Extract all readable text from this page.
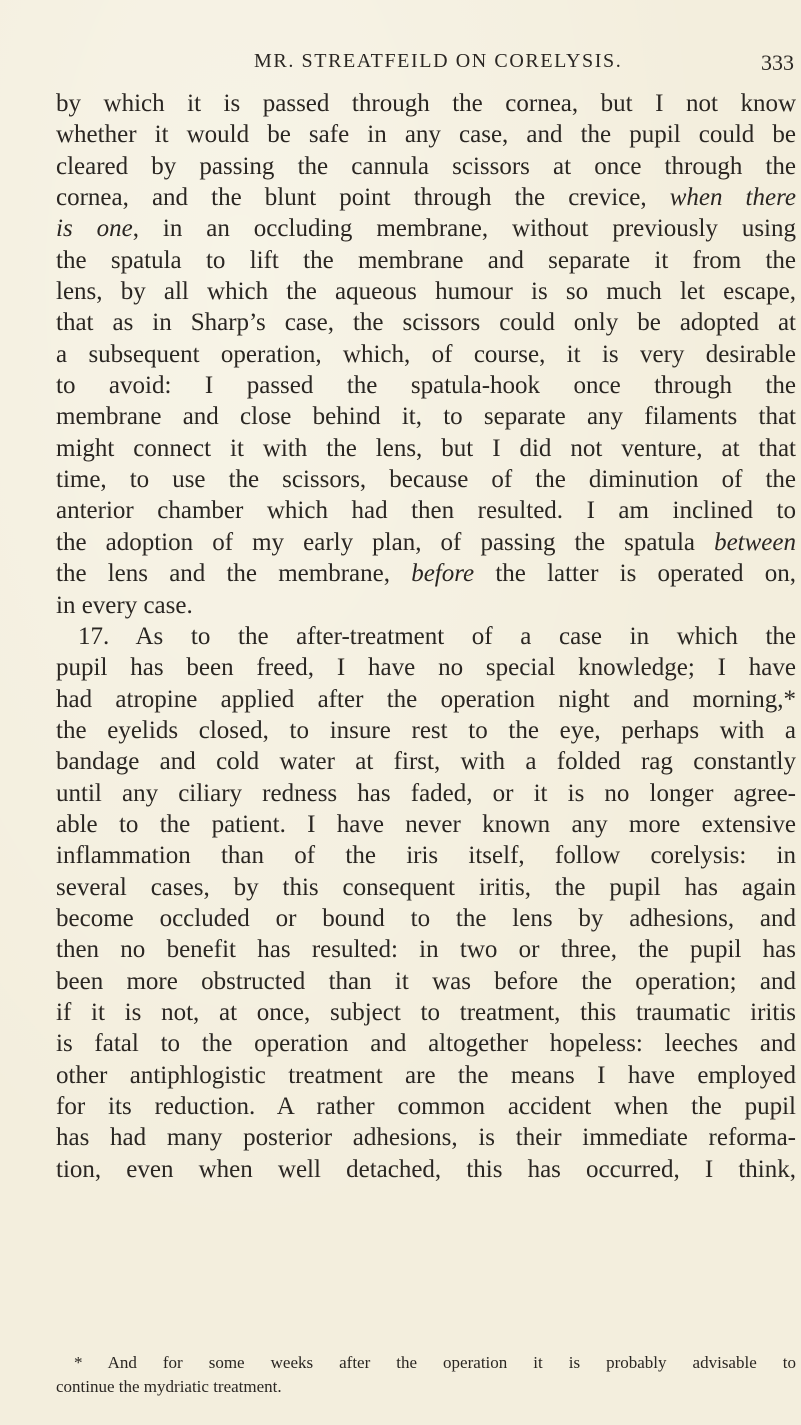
MR. STREATFEILD ON CORELYSIS.	333
by which it is passed through the cornea, but I not know
whether it would be safe in any case, and the pupil could be
cleared by passing the cannula scissors at once through the
cornea, and the blunt point through the crevice, when there
is one, in an occluding membrane, without previously using
the spatula to lift the membrane and separate it from the
lens, by all which the aqueous humour is so much let escape,
that as in Sharp’s case, the scissors could only be adopted at
a subsequent operation, which, of course, it is very desirable
to avoid: I passed the spatula-hook once through the
membrane and close behind it, to separate any filaments that
might connect it with the lens, but I did not venture, at that
time, to use the scissors, because of the diminution of the
anterior chamber which had then resulted. I am inclined to
the adoption of my early plan, of passing the spatula between
the lens and the membrane, before the latter is operated on,
in every case.
17. As to the after-treatment of a case in which the
pupil has been freed, I have no special knowledge; I have
had atropine applied after the operation night and morning,*
the eyelids closed, to insure rest to the eye, perhaps with a
bandage and cold water at first, with a folded rag constantly
until any ciliary redness has faded, or it is no longer agree-
able to the patient. I have never known any more extensive
inflammation than of the iris itself, follow corelysis: in
several cases, by this consequent iritis, the pupil has again
become occluded or bound to the lens by adhesions, and
then no benefit has resulted: in two or three, the pupil has
been more obstructed than it was before the operation; and
if it is not, at once, subject to treatment, this traumatic iritis
is fatal to the operation and altogether hopeless: leeches and
other antiphlogistic treatment are the means I have employed
for its reduction. A rather common accident when the pupil
has had many posterior adhesions, is their immediate reforma-
tion, even when well detached, this has occurred, I think,
* And for some weeks after the operation it is probably advisable to
continue the mydriatic treatment.
